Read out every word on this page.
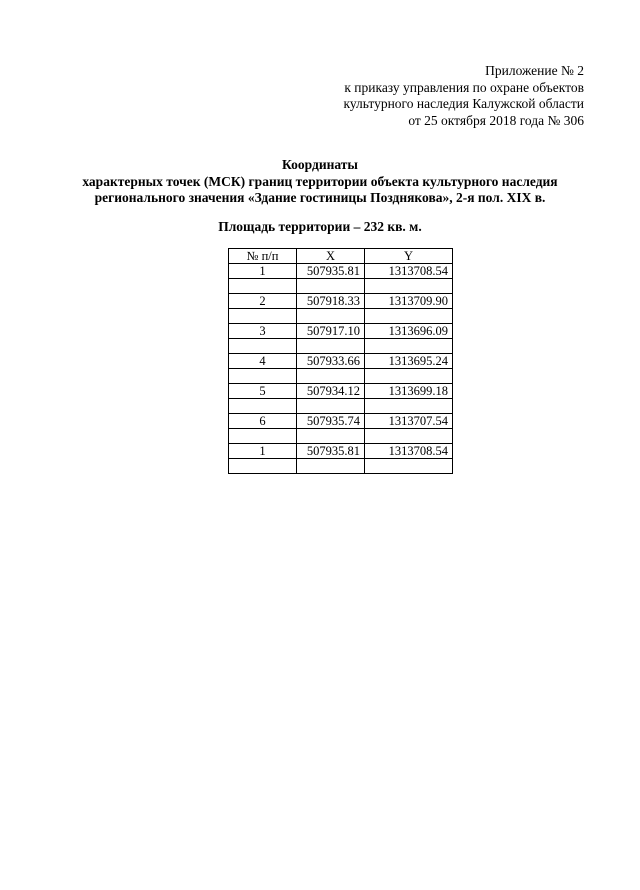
Приложение № 2
к приказу управления по охране объектов
культурного наследия Калужской области
от 25 октября 2018 года № 306
Координаты
характерных точек (МСК) границ территории объекта культурного наследия
регионального значения «Здание гостиницы Позднякова», 2-я пол. XIX в.
Площадь территории – 232 кв. м.
№ п/п	X	Y
1	507935.81	1313708.54

2	507918.33	1313709.90

3	507917.10	1313696.09

4	507933.66	1313695.24

5	507934.12	1313699.18

6	507935.74	1313707.54

1	507935.81	1313708.54
